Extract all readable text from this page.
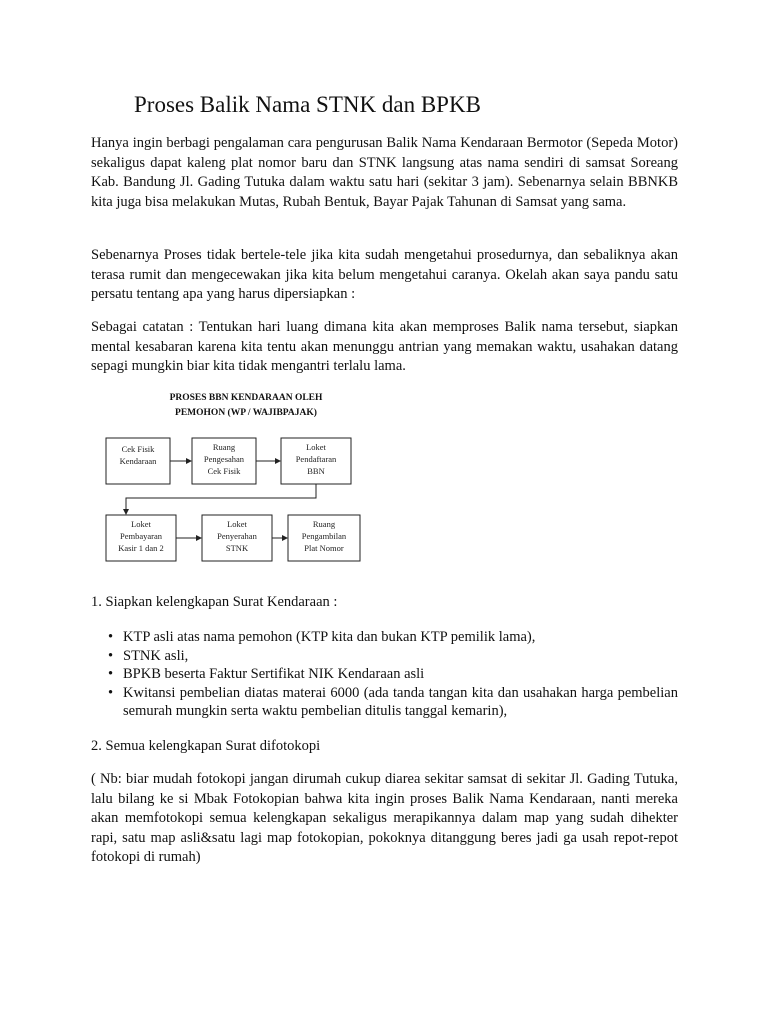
Proses Balik Nama STNK dan BPKB

Hanya ingin berbagi pengalaman cara pengurusan Balik Nama Kendaraan Bermotor (Sepeda Motor) sekaligus dapat kaleng plat nomor baru dan STNK langsung atas nama sendiri di samsat Soreang Kab. Bandung Jl. Gading Tutuka dalam waktu satu hari (sekitar 3 jam). Sebenarnya selain BBNKB kita juga bisa melakukan Mutas, Rubah Bentuk, Bayar Pajak Tahunan di Samsat yang sama.

Sebenarnya Proses tidak bertele-tele jika kita sudah mengetahui prosedurnya, dan sebaliknya akan terasa rumit dan mengecewakan jika kita belum mengetahui caranya. Okelah akan saya pandu satu persatu tentang apa yang harus dipersiapkan :

Sebagai catatan : Tentukan hari luang dimana kita akan memproses Balik nama tersebut, siapkan mental kesabaran karena kita tentu akan menunggu antrian yang memakan waktu, usahakan datang sepagi mungkin biar kita tidak mengantri terlalu lama.

PROSES BBN KENDARAAN OLEH
PEMOHON (WP / WAJIBPAJAK)
Cek Fisik
Kendaraan
Ruang
Pengesahan
Cek Fisik
Loket
Pendaftaran
BBN
Loket
Pembayaran
Kasir 1 dan 2
Loket
Penyerahan
STNK
Ruang
Pengambilan
Plat Nomor

1. Siapkan kelengkapan Surat Kendaraan :

• KTP asli atas nama pemohon (KTP kita dan bukan KTP pemilik lama),
• STNK asli,
• BPKB beserta Faktur Sertifikat NIK Kendaraan asli
• Kwitansi pembelian diatas materai 6000 (ada tanda tangan kita dan usahakan harga pembelian semurah mungkin serta waktu pembelian ditulis tanggal kemarin),

2. Semua kelengkapan Surat difotokopi

( Nb: biar mudah fotokopi jangan dirumah cukup diarea sekitar samsat di sekitar Jl. Gading Tutuka, lalu bilang ke si Mbak Fotokopian bahwa kita ingin proses Balik Nama Kendaraan, nanti mereka akan memfotokopi semua kelengkapan sekaligus merapikannya dalam map yang sudah dihekter rapi, satu map asli&satu lagi map fotokopian, pokoknya ditanggung beres jadi ga usah repot-repot fotokopi di rumah)
